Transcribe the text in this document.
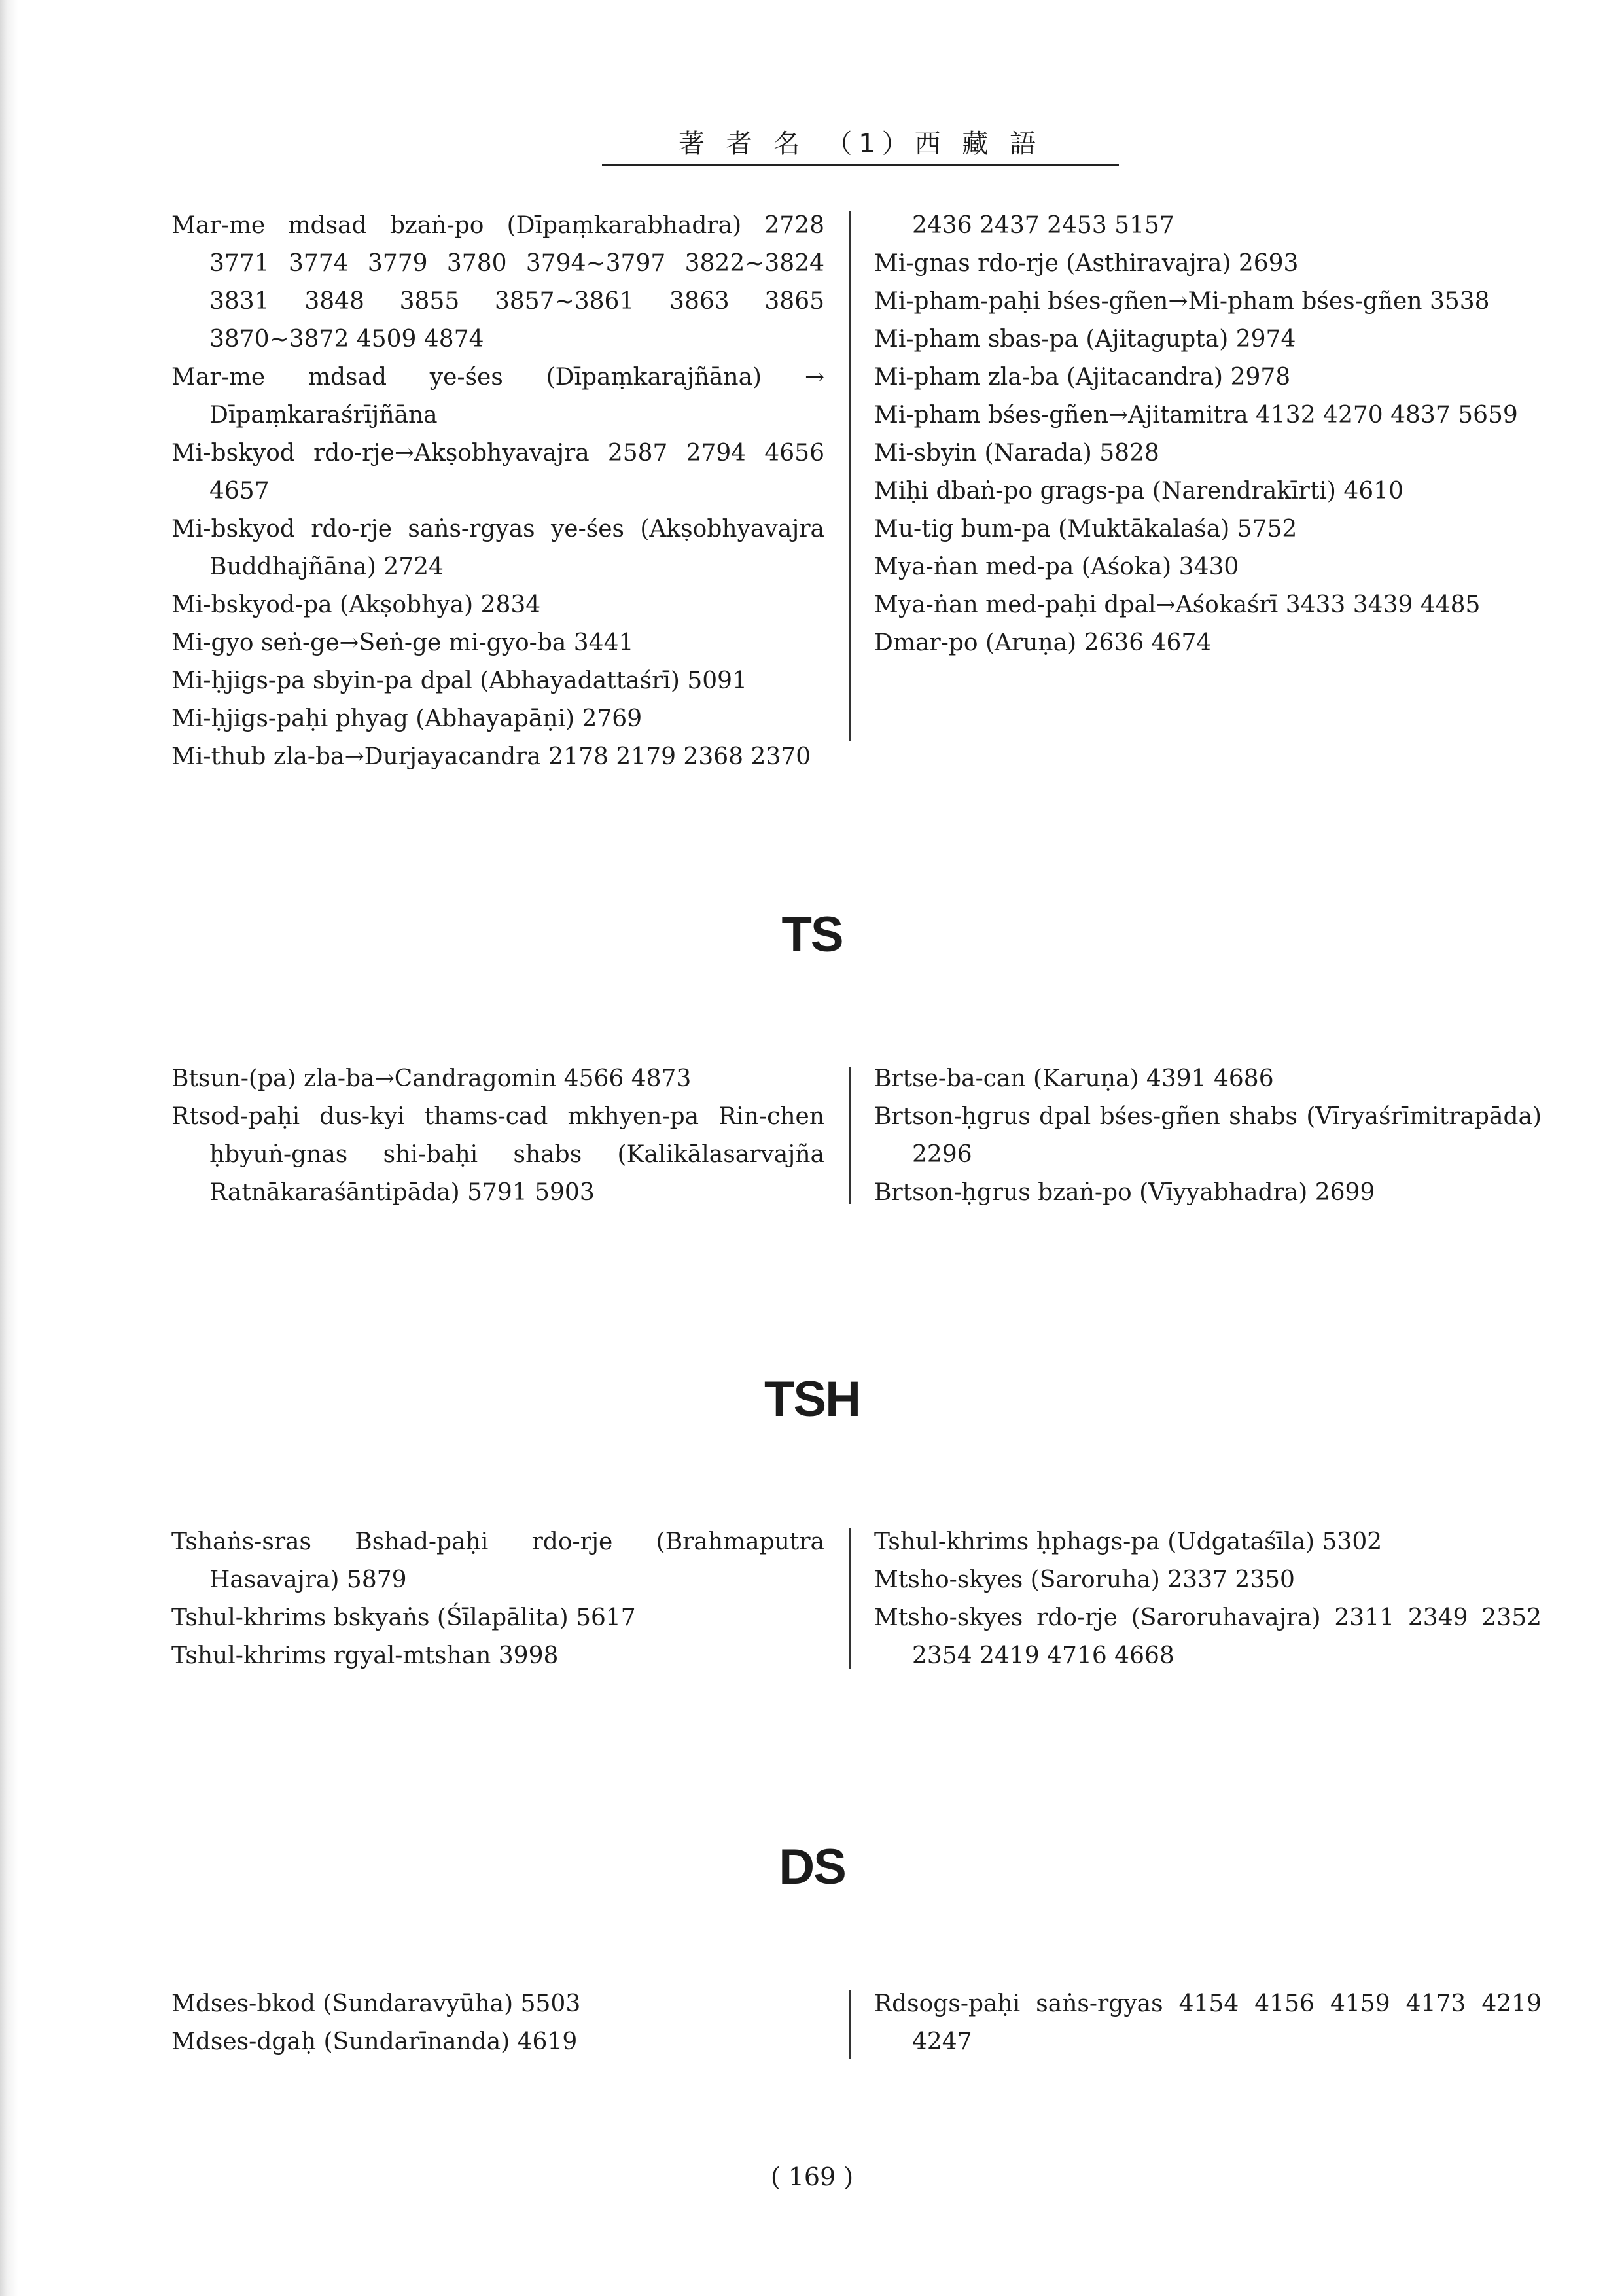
著 者 名　（1）西 藏 語
Mar-me mdsad bzaṅ-po (Dīpaṃkarabhadra) 2728 3771 3774 3779 3780 3794~3797 3822~3824 3831 3848 3855 3857~3861 3863 3865 3870~3872 4509 4874
Mar-me mdsad ye-śes (Dīpaṃkarajñāna) → Dīpaṃkaraśrījñāna
Mi-bskyod rdo-rje→Akṣobhyavajra 2587 2794 4656 4657
Mi-bskyod rdo-rje saṅs-rgyas ye-śes (Akṣobhyavajra Buddhajñāna) 2724
Mi-bskyod-pa (Akṣobhya) 2834
Mi-gyo seṅ-ge→Seṅ-ge mi-gyo-ba 3441
Mi-ḥjigs-pa sbyin-pa dpal (Abhayadattaśrī) 5091
Mi-ḥjigs-paḥi phyag (Abhayapāṇi) 2769
Mi-thub zla-ba→Durjayacandra 2178 2179 2368 2370
2436 2437 2453 5157
Mi-gnas rdo-rje (Asthiravajra) 2693
Mi-pham-paḥi bśes-gñen→Mi-pham bśes-gñen 3538
Mi-pham sbas-pa (Ajitagupta) 2974
Mi-pham zla-ba (Ajitacandra) 2978
Mi-pham bśes-gñen→Ajitamitra 4132 4270 4837 5659
Mi-sbyin (Narada) 5828
Miḥi dbaṅ-po grags-pa (Narendrakīrti) 4610
Mu-tig bum-pa (Muktākalaśa) 5752
Mya-ṅan med-pa (Aśoka) 3430
Mya-ṅan med-paḥi dpal→Aśokaśrī 3433 3439 4485
Dmar-po (Aruṇa) 2636 4674
TS
Btsun-(pa) zla-ba→Candragomin 4566 4873
Rtsod-paḥi dus-kyi thams-cad mkhyen-pa Rin-chen ḥbyuṅ-gnas shi-baḥi shabs (Kalikālasarvajña Ratnākaraśāntipāda) 5791 5903
Brtse-ba-can (Karuṇa) 4391 4686
Brtson-ḥgrus dpal bśes-gñen shabs (Vīryaśrīmitrapāda) 2296
Brtson-ḥgrus bzaṅ-po (Vīyyabhadra) 2699
TSH
Tshaṅs-sras Bshad-paḥi rdo-rje (Brahmaputra Hasavajra) 5879
Tshul-khrims bskyaṅs (Śīlapālita) 5617
Tshul-khrims rgyal-mtshan 3998
Tshul-khrims ḥphags-pa (Udgataśīla) 5302
Mtsho-skyes (Saroruha) 2337 2350
Mtsho-skyes rdo-rje (Saroruhavajra) 2311 2349 2352 2354 2419 4716 4668
DS
Mdses-bkod (Sundaravyūha) 5503
Mdses-dgaḥ (Sundarīnanda) 4619
Rdsogs-paḥi saṅs-rgyas 4154 4156 4159 4173 4219 4247
( 169 )
